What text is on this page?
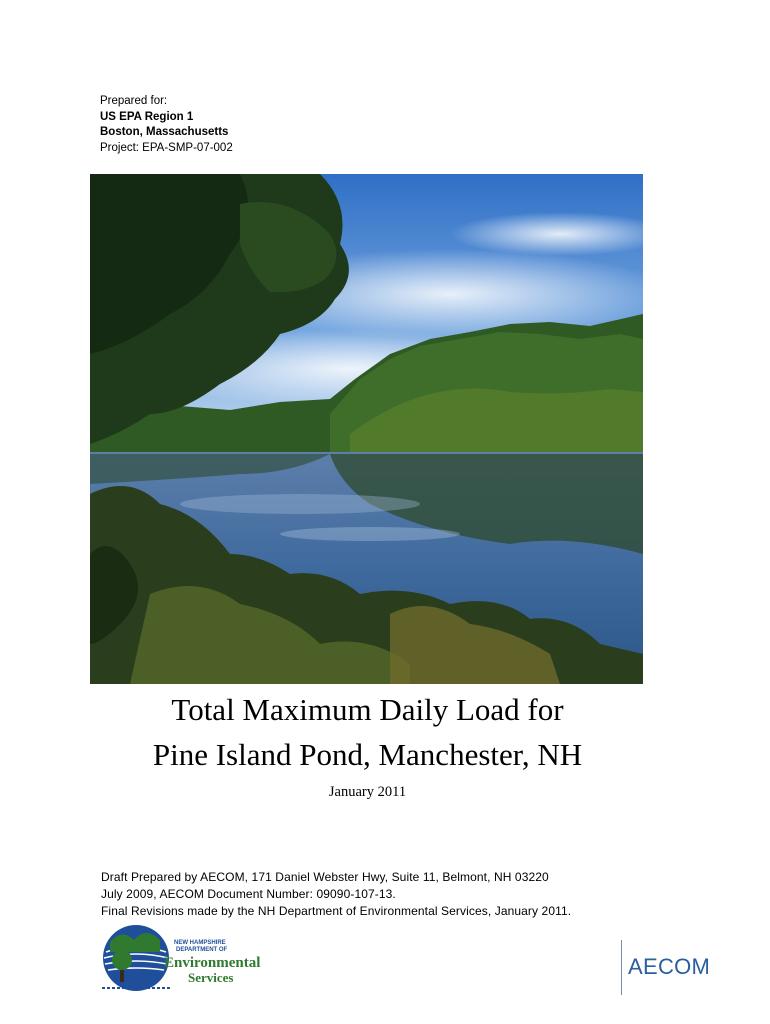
Prepared for:
US EPA Region 1
Boston, Massachusetts
Project: EPA-SMP-07-002
Total Maximum Daily Load for
Pine Island Pond, Manchester, NH
January 2011
Draft Prepared by AECOM, 171 Daniel Webster Hwy, Suite 11, Belmont, NH 03220
July 2009, AECOM Document Number: 09090-107-13.
Final Revisions made by the NH Department of Environmental Services, January 2011.
NEW HAMPSHIRE
DEPARTMENT OF
Environmental
Services	AECOM
